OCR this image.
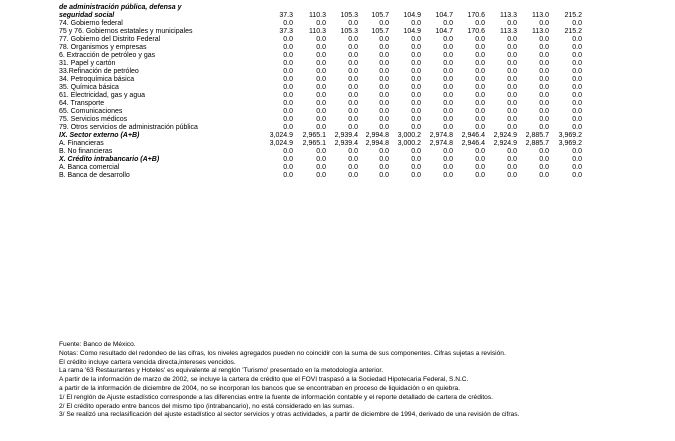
de administración pública, defensa y
seguridad social	37.3	110.3	105.3	105.7	104.9	104.7	170.6	113.3	113.0	215.2
74. Gobierno federal	0.0	0.0	0.0	0.0	0.0	0.0	0.0	0.0	0.0	0.0
75 y 76. Gobiernos estatales y municipales	37.3	110.3	105.3	105.7	104.9	104.7	170.6	113.3	113.0	215.2
77. Gobierno del Distrito Federal	0.0	0.0	0.0	0.0	0.0	0.0	0.0	0.0	0.0	0.0
78. Organismos y empresas	0.0	0.0	0.0	0.0	0.0	0.0	0.0	0.0	0.0	0.0
6. Extracción de petróleo y gas	0.0	0.0	0.0	0.0	0.0	0.0	0.0	0.0	0.0	0.0
31. Papel y cartón	0.0	0.0	0.0	0.0	0.0	0.0	0.0	0.0	0.0	0.0
33.Refinación de petróleo	0.0	0.0	0.0	0.0	0.0	0.0	0.0	0.0	0.0	0.0
34. Petroquímica básica	0.0	0.0	0.0	0.0	0.0	0.0	0.0	0.0	0.0	0.0
35. Química básica	0.0	0.0	0.0	0.0	0.0	0.0	0.0	0.0	0.0	0.0
61. Electricidad, gas y agua	0.0	0.0	0.0	0.0	0.0	0.0	0.0	0.0	0.0	0.0
64. Transporte	0.0	0.0	0.0	0.0	0.0	0.0	0.0	0.0	0.0	0.0
65. Comunicaciones	0.0	0.0	0.0	0.0	0.0	0.0	0.0	0.0	0.0	0.0
75. Servicios médicos	0.0	0.0	0.0	0.0	0.0	0.0	0.0	0.0	0.0	0.0
79. Otros servicios de administración pública	0.0	0.0	0.0	0.0	0.0	0.0	0.0	0.0	0.0	0.0
IX. Sector externo (A+B)	3,024.9	2,965.1	2,939.4	2,994.8	3,000.2	2,974.8	2,946.4	2,924.9	2,885.7	3,969.2
A. Financieras	3,024.9	2,965.1	2,939.4	2,994.8	3,000.2	2,974.8	2,946.4	2,924.9	2,885.7	3,969.2
B. No financieras	0.0	0.0	0.0	0.0	0.0	0.0	0.0	0.0	0.0	0.0
X. Crédito intrabancario (A+B)	0.0	0.0	0.0	0.0	0.0	0.0	0.0	0.0	0.0	0.0
A. Banca comercial	0.0	0.0	0.0	0.0	0.0	0.0	0.0	0.0	0.0	0.0
B. Banca de desarrollo	0.0	0.0	0.0	0.0	0.0	0.0	0.0	0.0	0.0	0.0
Fuente: Banco de México.
Notas: Como resultado del redondeo de las cifras, los niveles agregados pueden no coincidir con la suma de sus componentes. Cifras sujetas a revisión.
El crédito incluye cartera vencida directa,intereses vencidos.
La rama '63 Restaurantes y Hoteles' es equivalente al renglón 'Turismo' presentado en la metodología anterior.
A partir de la información de marzo de 2002, se incluye la cartera de crédito que el FOVI traspasó a la Sociedad Hipotecaria Federal, S.N.C.
a partir de la información de diciembre de 2004, no se incorporan los bancos que se encontraban en proceso de liquidación o en quiebra.
1/ El renglón de Ajuste estadístico corresponde a las diferencias entre la fuente de información contable y el reporte detallado de cartera de créditos.
2/ El crédito operado entre bancos del mismo tipo (intrabancario), no está considerado en las sumas.
3/ Se realizó una reclasificación del ajuste estadístico al sector servicios y otras actividades, a partir de diciembre de 1994, derivado de una revisión de cifras.
